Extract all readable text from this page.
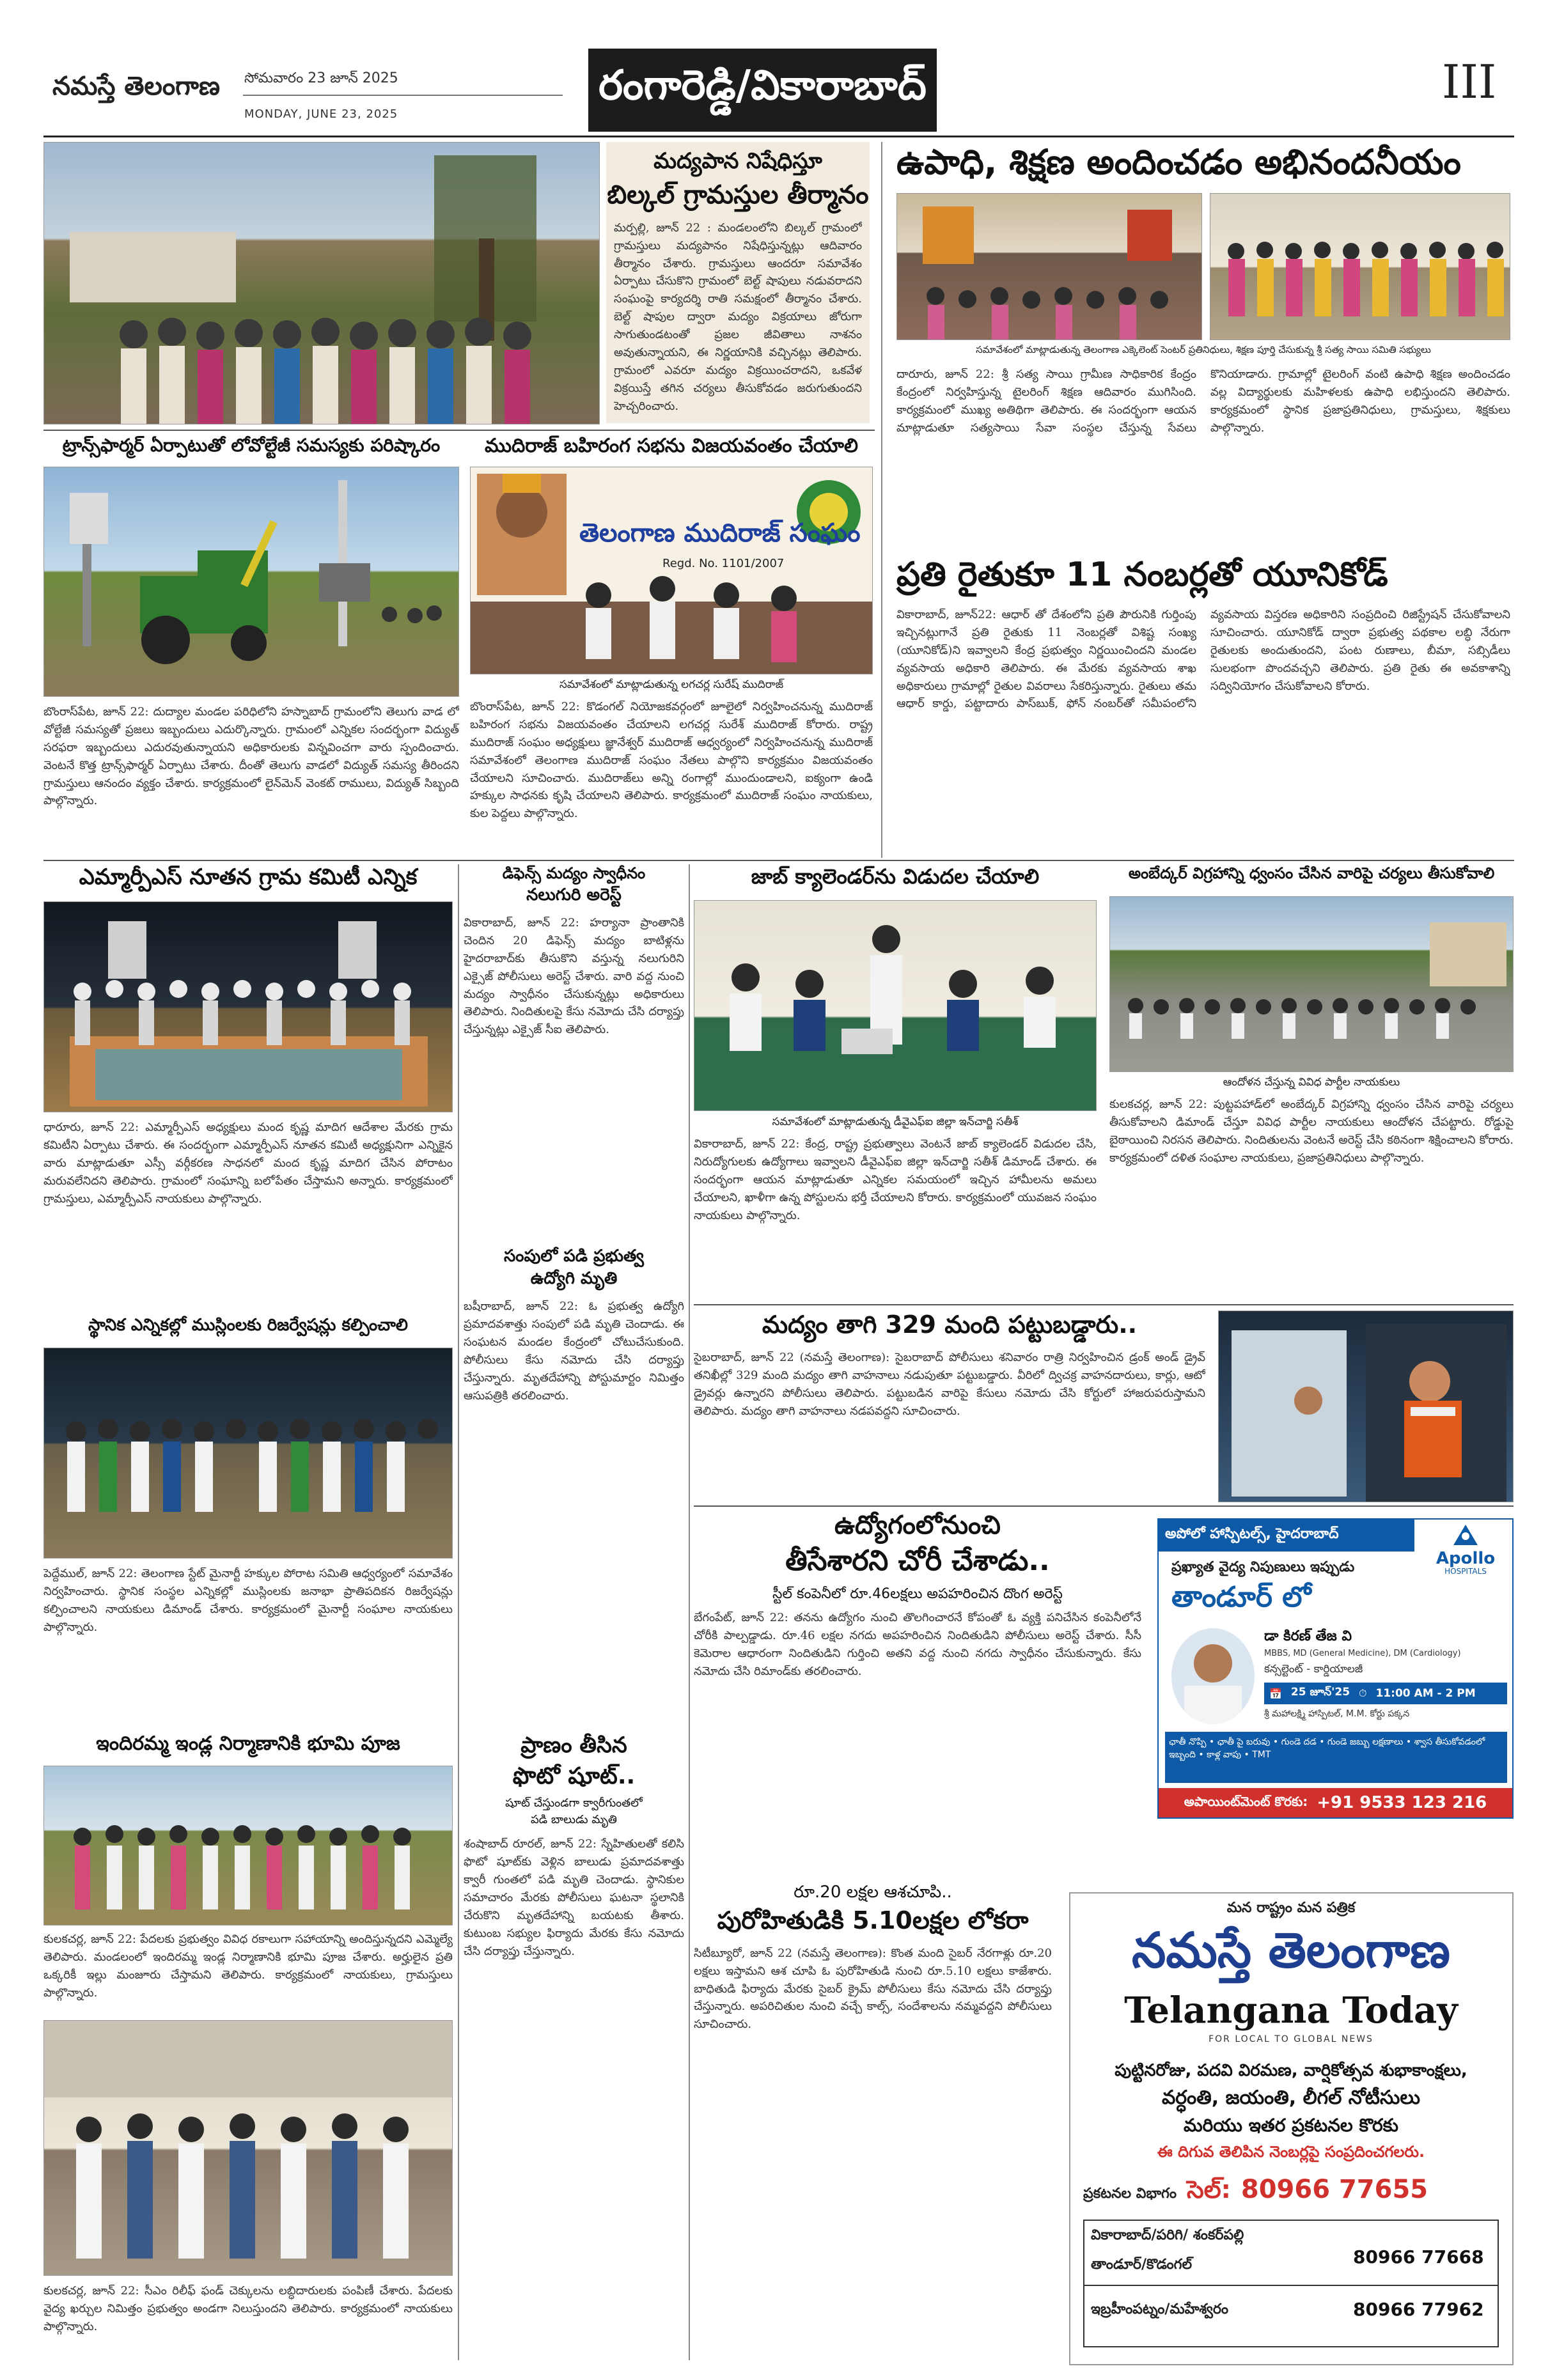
నమస్తే తెలంగాణ సోమవారం 23 జూన్ 2025
MONDAY, JUNE 23, 2025
రంగారెడ్డి/వికారాబాద్	III
మద్యపాన నిషేధిస్తూ
బిల్కల్ గ్రామస్తుల తీర్మానం
మర్పల్లి, జూన్ 22 : మండలంలోని బిల్కల్ గ్రామంలో గ్రామస్తులు మద్యపానం నిషేధిస్తున్నట్లు ఆదివారం తీర్మానం చేశారు. గ్రామస్తులు ఆందరూ సమావేశం ఏర్పాటు చేసుకొని గ్రామంలో బెల్ట్ షాపులు నడువరాదని సంఘంపై కార్యదర్శి రాతి సమక్షంలో తీర్మానం చేశారు. బెల్ట్ షాపుల ద్వారా మద్యం విక్రయాలు జోరుగా సాగుతుండటంతో ప్రజల జీవితాలు నాశనం అవుతున్నాయని, ఈ నిర్ణయానికి వచ్చినట్లు తెలిపారు. గ్రామంలో ఎవరూ మద్యం విక్రయించరాదని, ఒకవేళ విక్రయిస్తే తగిన చర్యలు తీసుకోవడం జరుగుతుందని హెచ్చరించారు.
ఉపాధి, శిక్షణ అందించడం అభినందనీయం
సమావేశంలో మాట్లాడుతున్న తెలంగాణ ఎక్కెలెంట్ సెంటర్ ప్రతినిధులు, శిక్షణ పూర్తి చేసుకున్న శ్రీ సత్య సాయి సమితి సభ్యులు
దారూరు, జూన్ 22: శ్రీ సత్య సాయి గ్రామీణ సాధికారిక కేంద్రం కేంద్రంలో నిర్వహిస్తున్న టైలరింగ్ శిక్షణ ఆదివారం ముగిసింది. కార్యక్రమంలో ముఖ్య అతిథిగా తెలిపారు. ఈ సందర్భంగా ఆయన మాట్లాడుతూ సత్యసాయి సేవా సంస్థల చేస్తున్న సేవలు కొనియాడారు. గ్రామాల్లో టైలరింగ్ వంటి ఉపాధి శిక్షణ అందించడం వల్ల విద్యార్థులకు మహిళలకు ఉపాధి లభిస్తుందని తెలిపారు. కార్యక్రమంలో స్థానిక ప్రజాప్రతినిధులు, గ్రామస్తులు, శిక్షకులు పాల్గొన్నారు.
ట్రాన్స్‌ఫార్మర్ ఏర్పాటుతో లోవోల్టేజీ సమస్యకు పరిష్కారం
బొంరాస్‌పేట, జూన్ 22: దుద్యాల మండల పరిధిలోని హస్నాబాద్ గ్రామంలోని తెలుగు వాడ లో వోల్టేజీ సమస్యతో ప్రజలు ఇబ్బందులు ఎదుర్కొన్నారు. గ్రామంలో ఎన్నికల సందర్భంగా విద్యుత్ సరఫరా ఇబ్బందులు ఎదురవుతున్నాయని అధికారులకు విన్నవించగా వారు స్పందించారు. వెంటనే కొత్త ట్రాన్స్‌ఫార్మర్ ఏర్పాటు చేశారు. దీంతో తెలుగు వాడలో విద్యుత్ సమస్య తీరిందని గ్రామస్తులు ఆనందం వ్యక్తం చేశారు. కార్యక్రమంలో లైన్‌మెన్ వెంకట్ రాములు, విద్యుత్ సిబ్బంది పాల్గొన్నారు.
ముదిరాజ్ బహిరంగ సభను విజయవంతం చేయాలి
తెలంగాణ ముదిరాజ్ సంఘం
Regd. No. 1101/2007
సమావేశంలో మాట్లాడుతున్న లగచర్ల సురేష్ ముదిరాజ్
బొంరాస్‌పేట, జూన్ 22: కొడంగల్ నియోజకవర్గంలో జూలైలో నిర్వహించనున్న ముదిరాజ్ బహిరంగ సభను విజయవంతం చేయాలని లగచర్ల సురేశ్ ముదిరాజ్ కోరారు. రాష్ట్ర ముదిరాజ్ సంఘం అధ్యక్షులు జ్ఞానేశ్వర్ ముదిరాజ్ ఆధ్వర్యంలో నిర్వహించనున్న ముదిరాజ్ సమావేశంలో తెలంగాణ ముదిరాజ్ సంఘం నేతలు పాల్గొని కార్యక్రమం విజయవంతం చేయాలని సూచించారు. ముదిరాజ్‌లు అన్ని రంగాల్లో ముందుండాలని, ఐక్యంగా ఉండి హక్కుల సాధనకు కృషి చేయాలని తెలిపారు. కార్యక్రమంలో ముదిరాజ్ సంఘం నాయకులు, కుల పెద్దలు పాల్గొన్నారు.
ప్రతి రైతుకూ 11 నంబర్లతో యూనికోడ్
వికారాబాద్, జూన్22: ఆధార్ తో దేశంలోని ప్రతి పౌరునికి గుర్తింపు ఇచ్చినట్లుగానే ప్రతి రైతుకు 11 నెంబర్లతో విశిష్ట సంఖ్య (యూనికోడ్)ని ఇవ్వాలని కేంద్ర ప్రభుత్వం నిర్ణయించిందని మండల వ్యవసాయ అధికారి తెలిపారు. ఈ మేరకు వ్యవసాయ శాఖ అధికారులు గ్రామాల్లో రైతుల వివరాలు సేకరిస్తున్నారు. రైతులు తమ ఆధార్ కార్డు, పట్టాదారు పాస్‌బుక్, ఫోన్ నంబర్‌తో సమీపంలోని వ్యవసాయ విస్తరణ అధికారిని సంప్రదించి రిజిస్ట్రేషన్ చేసుకోవాలని సూచించారు. యూనికోడ్ ద్వారా ప్రభుత్వ పథకాల లబ్ధి నేరుగా రైతులకు అందుతుందని, పంట రుణాలు, బీమా, సబ్సిడీలు సులభంగా పొందవచ్చని తెలిపారు. ప్రతి రైతు ఈ అవకాశాన్ని సద్వినియోగం చేసుకోవాలని కోరారు.
ఎమ్మార్పీఎస్ నూతన గ్రామ కమిటీ ఎన్నిక
ధారూరు, జూన్ 22: ఎమ్మార్పీఎస్ అధ్యక్షులు మంద కృష్ణ మాదిగ ఆదేశాల మేరకు గ్రామ కమిటీని ఏర్పాటు చేశారు. ఈ సందర్భంగా ఎమ్మార్పీఎస్ నూతన కమిటీ అధ్యక్షునిగా ఎన్నికైన వారు మాట్లాడుతూ ఎస్సీ వర్గీకరణ సాధనలో మంద కృష్ణ మాదిగ చేసిన పోరాటం మరువలేనిదని తెలిపారు. గ్రామంలో సంఘాన్ని బలోపేతం చేస్తామని అన్నారు. కార్యక్రమంలో గ్రామస్తులు, ఎమ్మార్పీఎస్ నాయకులు పాల్గొన్నారు.
డిఫెన్స్ మద్యం స్వాధీనం
నలుగురి అరెస్ట్
వికారాబాద్, జూన్ 22: హర్యానా ప్రాంతానికి చెందిన 20 డిఫెన్స్ మద్యం బాటిళ్లను హైదరాబాద్‌కు తీసుకొని వస్తున్న నలుగురిని ఎక్సైజ్ పోలీసులు అరెస్ట్ చేశారు. వారి వద్ద నుంచి మద్యం స్వాధీనం చేసుకున్నట్లు అధికారులు తెలిపారు. నిందితులపై కేసు నమోదు చేసి దర్యాప్తు చేస్తున్నట్లు ఎక్సైజ్ సీఐ తెలిపారు.
సంపులో పడి ప్రభుత్వ
ఉద్యోగి మృతి
బషీరాబాద్, జూన్ 22: ఓ ప్రభుత్వ ఉద్యోగి ప్రమాదవశాత్తు సంపులో పడి మృతి చెందాడు. ఈ సంఘటన మండల కేంద్రంలో చోటుచేసుకుంది. పోలీసులు కేసు నమోదు చేసి దర్యాప్తు చేస్తున్నారు. మృతదేహాన్ని పోస్టుమార్టం నిమిత్తం ఆసుపత్రికి తరలించారు.
జాబ్ క్యాలెండర్‌ను విడుదల చేయాలి
సమావేశంలో మాట్లాడుతున్న డీవైఎఫ్ఐ జిల్లా ఇన్‌చార్జి సతీశ్
వికారాబాద్, జూన్ 22: కేంద్ర, రాష్ట్ర ప్రభుత్వాలు వెంటనే జాబ్ క్యాలెండర్ విడుదల చేసి, నిరుద్యోగులకు ఉద్యోగాలు ఇవ్వాలని డీవైఎఫ్ఐ జిల్లా ఇన్‌చార్జి సతీశ్ డిమాండ్ చేశారు. ఈ సందర్భంగా ఆయన మాట్లాడుతూ ఎన్నికల సమయంలో ఇచ్చిన హామీలను అమలు చేయాలని, ఖాళీగా ఉన్న పోస్టులను భర్తీ చేయాలని కోరారు. కార్యక్రమంలో యువజన సంఘం నాయకులు పాల్గొన్నారు.
అంబేద్కర్ విగ్రహాన్ని ధ్వంసం చేసిన వారిపై చర్యలు తీసుకోవాలి
ఆందోళన చేస్తున్న వివిధ పార్టీల నాయకులు
కులకచర్ల, జూన్ 22: పుట్టపహాడ్‌లో అంబేద్కర్ విగ్రహాన్ని ధ్వంసం చేసిన వారిపై చర్యలు తీసుకోవాలని డిమాండ్ చేస్తూ వివిధ పార్టీల నాయకులు ఆందోళన చేపట్టారు. రోడ్డుపై బైఠాయించి నిరసన తెలిపారు. నిందితులను వెంటనే అరెస్ట్ చేసి కఠినంగా శిక్షించాలని కోరారు. కార్యక్రమంలో దళిత సంఘాల నాయకులు, ప్రజాప్రతినిధులు పాల్గొన్నారు.
మద్యం తాగి 329 మంది పట్టుబడ్డారు..
సైబరాబాద్, జూన్ 22 (నమస్తే తెలంగాణ): సైబరాబాద్ పోలీసులు శనివారం రాత్రి నిర్వహించిన డ్రంక్ అండ్ డ్రైవ్ తనిఖీల్లో 329 మంది మద్యం తాగి వాహనాలు నడుపుతూ పట్టుబడ్డారు. వీరిలో ద్విచక్ర వాహనదారులు, కార్లు, ఆటో డ్రైవర్లు ఉన్నారని పోలీసులు తెలిపారు. పట్టుబడిన వారిపై కేసులు నమోదు చేసి కోర్టులో హాజరుపరుస్తామని తెలిపారు. మద్యం తాగి వాహనాలు నడపవద్దని సూచించారు.
స్థానిక ఎన్నికల్లో ముస్లింలకు రిజర్వేషన్లు కల్పించాలి
పెద్దేముల్, జూన్ 22: తెలంగాణ స్టేట్ మైనార్టీ హక్కుల పోరాట సమితి ఆధ్వర్యంలో సమావేశం నిర్వహించారు. స్థానిక సంస్థల ఎన్నికల్లో ముస్లింలకు జనాభా ప్రాతిపదికన రిజర్వేషన్లు కల్పించాలని నాయకులు డిమాండ్ చేశారు. కార్యక్రమంలో మైనార్టీ సంఘాల నాయకులు పాల్గొన్నారు.
ఉద్యోగంలోనుంచి
తీసేశారని చోరీ చేశాడు..
స్టీల్ కంపెనీలో రూ.46లక్షలు అపహరించిన దొంగ అరెస్ట్
బేగంపేట్, జూన్ 22: తనను ఉద్యోగం నుంచి తొలగించారనే కోపంతో ఓ వ్యక్తి పనిచేసిన కంపెనీలోనే చోరీకి పాల్పడ్డాడు. రూ.46 లక్షల నగదు అపహరించిన నిందితుడిని పోలీసులు అరెస్ట్ చేశారు. సీసీ కెమెరాల ఆధారంగా నిందితుడిని గుర్తించి అతని వద్ద నుంచి నగదు స్వాధీనం చేసుకున్నారు. కేసు నమోదు చేసి రిమాండ్‌కు తరలించారు.
ప్రాణం తీసిన
ఫొటో షూట్..
షూట్ చేస్తుండగా క్వారీగుంతలో
పడి బాలుడు మృతి
శంషాబాద్ రూరల్, జూన్ 22: స్నేహితులతో కలిసి ఫొటో షూట్‌కు వెళ్లిన బాలుడు ప్రమాదవశాత్తు క్వారీ గుంతలో పడి మృతి చెందాడు. స్థానికుల సమాచారం మేరకు పోలీసులు ఘటనా స్థలానికి చేరుకొని మృతదేహాన్ని బయటకు తీశారు. కుటుంబ సభ్యుల ఫిర్యాదు మేరకు కేసు నమోదు చేసి దర్యాప్తు చేస్తున్నారు.
ఇందిరమ్మ ఇండ్ల నిర్మాణానికి భూమి పూజ
కులకచర్ల, జూన్ 22: పేదలకు ప్రభుత్వం వివిధ రకాలుగా సహాయాన్ని అందిస్తున్నదని ఎమ్మెల్యే తెలిపారు. మండలంలో ఇందిరమ్మ ఇండ్ల నిర్మాణానికి భూమి పూజ చేశారు. అర్హులైన ప్రతి ఒక్కరికీ ఇల్లు మంజూరు చేస్తామని తెలిపారు. కార్యక్రమంలో నాయకులు, గ్రామస్తులు పాల్గొన్నారు.
కులకచర్ల, జూన్ 22: సీఎం రిలీఫ్ ఫండ్ చెక్కులను లబ్ధిదారులకు పంపిణీ చేశారు. పేదలకు వైద్య ఖర్చుల నిమిత్తం ప్రభుత్వం అండగా నిలుస్తుందని తెలిపారు. కార్యక్రమంలో నాయకులు పాల్గొన్నారు.
రూ.20 లక్షల ఆశచూపి..
పురోహితుడికి 5.10లక్షల లోకరా
సిటీబ్యూరో, జూన్ 22 (నమస్తే తెలంగాణ): కొంత మంది సైబర్ నేరగాళ్లు రూ.20 లక్షలు ఇస్తామని ఆశ చూపి ఓ పురోహితుడి నుంచి రూ.5.10 లక్షలు కాజేశారు. బాధితుడి ఫిర్యాదు మేరకు సైబర్ క్రైమ్ పోలీసులు కేసు నమోదు చేసి దర్యాప్తు చేస్తున్నారు. అపరిచితుల నుంచి వచ్చే కాల్స్, సందేశాలను నమ్మవద్దని పోలీసులు సూచించారు.
అపోలో హాస్పిటల్స్, హైదరాబాద్
Apollo
HOSPITALS
ప్రఖ్యాత వైద్య నిపుణులు ఇప్పుడు
తాండూర్ లో
డా కిరణ్ తేజ వి
MBBS, MD (General Medicine), DM (Cardiology)
కన్సల్టెంట్ - కార్డియాలజీ
📅 25 జూన్'25 ⏱ 11:00 AM - 2 PM
శ్రీ మహాలక్ష్మి హాస్పిటల్, M.M. కోర్టు పక్కన
ఛాతీ నొప్పి • ఛాతీ పై బరువు • గుండె దడ • గుండె జబ్బు లక్షణాలు • శ్వాస తీసుకోవడంలో ఇబ్బంది • కాళ్ల వాపు • TMT
అపాయింట్‌మెంట్ కొరకు: +91 9533 123 216
మన రాష్ట్రం మన పత్రిక
నమస్తే తెలంగాణ
Telangana Today
FOR LOCAL TO GLOBAL NEWS
పుట్టినరోజు, పదవి విరమణ, వార్షికోత్సవ శుభాకాంక్షలు,
వర్ధంతి, జయంతి, లీగల్ నోటీసులు
మరియు ఇతర ప్రకటనల కొరకు
ఈ దిగువ తెలిపిన నెంబర్లపై సంప్రదించగలరు.
ప్రకటనల విభాగం సెల్: 80966 77655
వికారాబాద్/పరిగి/ శంకర్‌పల్లి
తాండూర్/కొడంగల్	80966 77668
ఇబ్రహీంపట్నం/మహేశ్వరం	80966 77962
